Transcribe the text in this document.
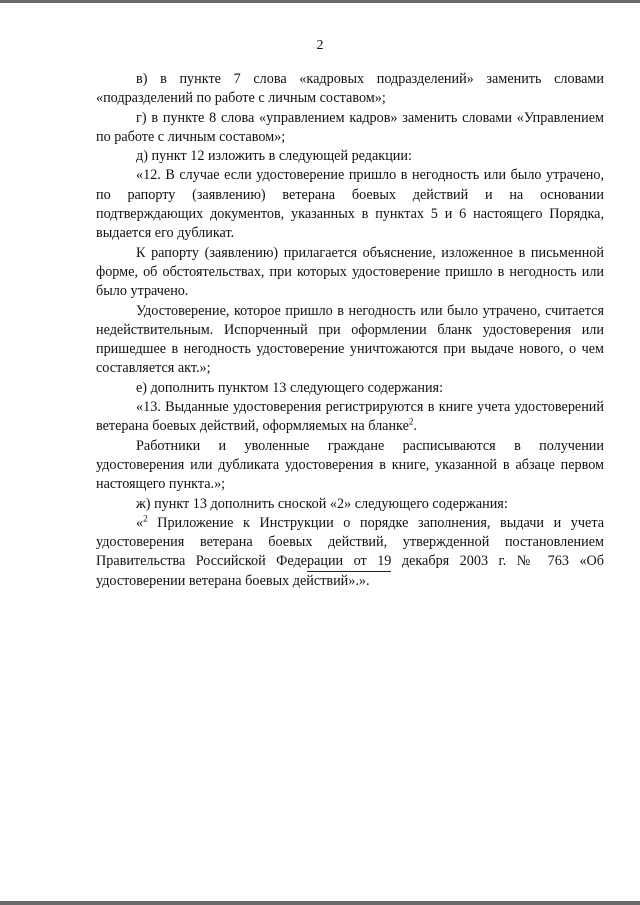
2

в) в пункте 7 слова «кадровых подразделений» заменить словами «подразделений по работе с личным составом»;

г) в пункте 8 слова «управлением кадров» заменить словами «Управлением по работе с личным составом»;

д) пункт 12 изложить в следующей редакции:

«12. В случае если удостоверение пришло в негодность или было утрачено, по рапорту (заявлению) ветерана боевых действий и на основании подтверждающих документов, указанных в пунктах 5 и 6 настоящего Порядка, выдается его дубликат.

К рапорту (заявлению) прилагается объяснение, изложенное в письменной форме, об обстоятельствах, при которых удостоверение пришло в негодность или было утрачено.

Удостоверение, которое пришло в негодность или было утрачено, считается недействительным. Испорченный при оформлении бланк удостоверения или пришедшее в негодность удостоверение уничтожаются при выдаче нового, о чем составляется акт.»;

е) дополнить пунктом 13 следующего содержания:

«13. Выданные удостоверения регистрируются в книге учета удостоверений ветерана боевых действий, оформляемых на бланке$^2$.

Работники и уволенные граждане расписываются в получении удостоверения или дубликата удостоверения в книге, указанной в абзаце первом настоящего пункта.»;

ж) пункт 13 дополнить сноской «2» следующего содержания:

«$^2$ Приложение к Инструкции о порядке заполнения, выдачи и учета удостоверения ветерана боевых действий, утвержденной постановлением Правительства Российской Федерации от 19 декабря 2003 г. № 763 «Об удостоверении ветерана боевых действий».».
